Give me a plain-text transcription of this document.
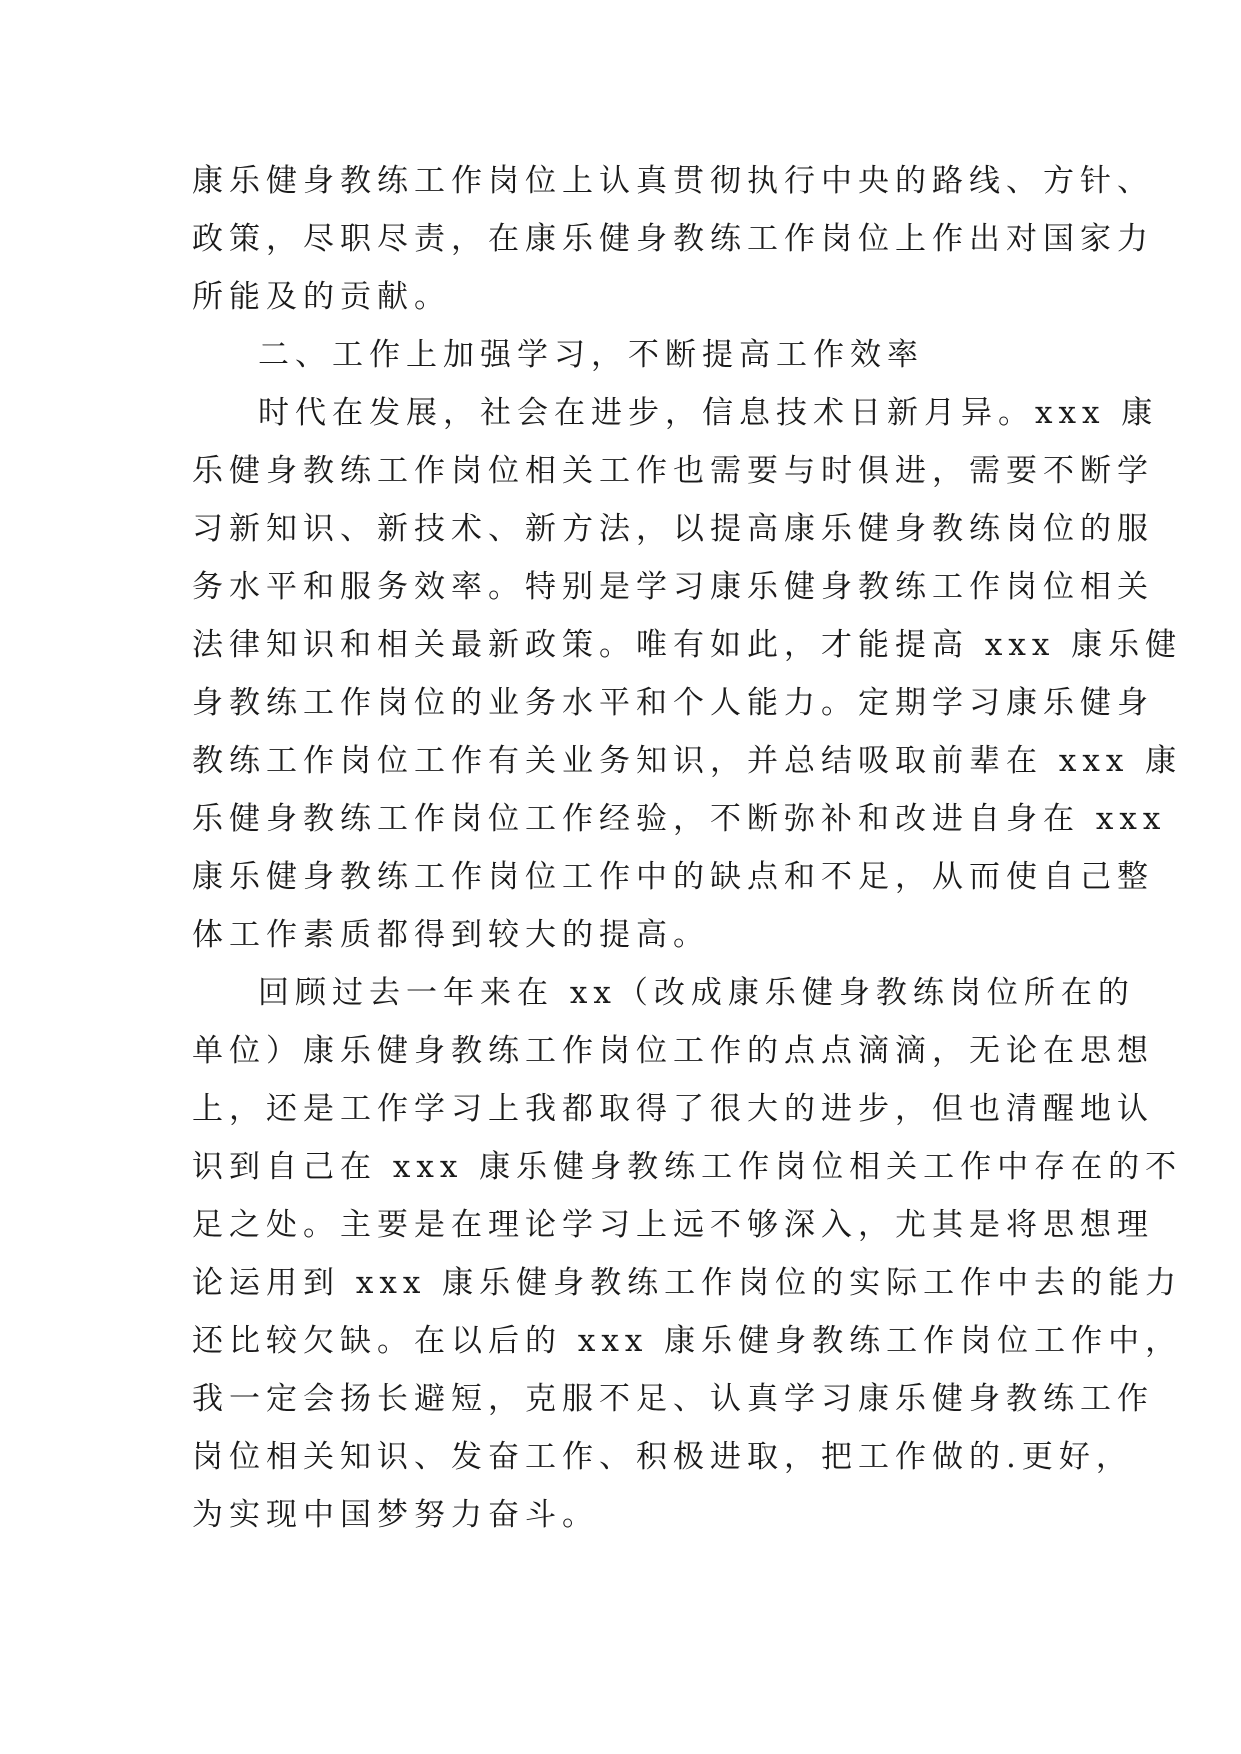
康乐健身教练工作岗位上认真贯彻执行中央的路线、方针、
政策，尽职尽责，在康乐健身教练工作岗位上作出对国家力
所能及的贡献。
二、工作上加强学习，不断提高工作效率
时代在发展，社会在进步，信息技术日新月异。xxx 康
乐健身教练工作岗位相关工作也需要与时俱进，需要不断学
习新知识、新技术、新方法，以提高康乐健身教练岗位的服
务水平和服务效率。特别是学习康乐健身教练工作岗位相关
法律知识和相关最新政策。唯有如此，才能提高 xxx 康乐健
身教练工作岗位的业务水平和个人能力。定期学习康乐健身
教练工作岗位工作有关业务知识，并总结吸取前辈在 xxx 康
乐健身教练工作岗位工作经验，不断弥补和改进自身在 xxx
康乐健身教练工作岗位工作中的缺点和不足，从而使自己整
体工作素质都得到较大的提高。
回顾过去一年来在 xx（改成康乐健身教练岗位所在的
单位）康乐健身教练工作岗位工作的点点滴滴，无论在思想
上，还是工作学习上我都取得了很大的进步，但也清醒地认
识到自己在 xxx 康乐健身教练工作岗位相关工作中存在的不
足之处。主要是在理论学习上远不够深入，尤其是将思想理
论运用到 xxx 康乐健身教练工作岗位的实际工作中去的能力
还比较欠缺。在以后的 xxx 康乐健身教练工作岗位工作中，
我一定会扬长避短，克服不足、认真学习康乐健身教练工作
岗位相关知识、发奋工作、积极进取，把工作做的.更好，
为实现中国梦努力奋斗。
